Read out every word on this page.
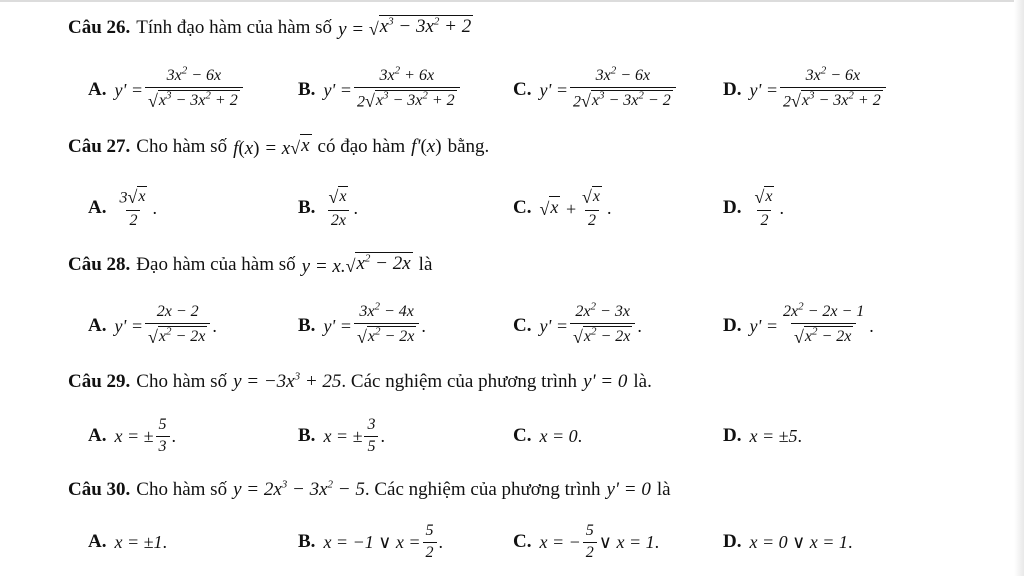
Câu 26. Tính đạo hàm của hàm số y = √ $x^3 - 3x^2 + 2$
A. $y' = \frac{3x^2 - 6x}{√ x^3 - 3x^2 + 2}$	B. $y' = \frac{3x^2 + 6x}{2 √ x^3 - 3x^2 + 2}$	C. $y' = \frac{3x^2 - 6x}{2 √ x^3 - 3x^2 - 2} D$. $y' = \frac{3x^2 - 6x}{2 √ x^3 - 3x^2 + 2}$
Câu 27. Cho hàm số f(x) = x √ x có đạo hàm f'(x) bằng.
A. $\frac{3 √ x}{2}$ .	B. $\frac{√ x}{2x}$ .	C. √ $x + \frac{√ x}{2}$ .	D. $\frac{√ x}{2}$ .
Câu 28. Đạo hàm của hàm số y = x. √ $x^2 - 2x$ là
A. $y' = \frac{2x - 2}{√ x^2 - 2x}$ .	B. $y' = \frac{3x^2 - 4x}{√ x^2 - 2x}$ .	C. $y' = \frac{2x^2 - 3x}{√ x^2 - 2x}$ .	D. $y' = \frac{2x^2 - 2x - 1}{√ x^2 - 2x}$ .
Câu 29. Cho hàm số $y = -3x^3 + 25$ . Các nghiệm của phương trình y' = 0 là.
A. x = ± $\frac{5}{3}$ .	B. x = ± $\frac{3}{5}$ .	C. x = 0 .	D. x = ±5 .
Câu 30. Cho hàm số $y = 2x^3 - 3x^2 - 5$ . Các nghiệm của phương trình y' = 0 là
A. x = ±1 .	B. x = −1 ∨ $x = \frac{5}{2}$ .	C. x = − $\frac{5}{2}$ ∨ x = 1 .	D. x = 0 ∨ x = 1 .
